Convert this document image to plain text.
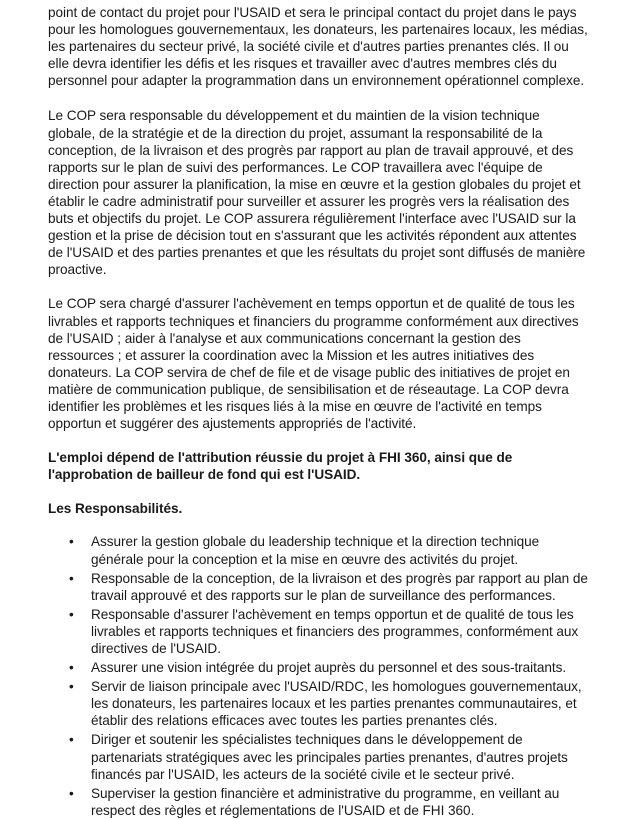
point de contact du projet pour l'USAID et sera le principal contact du projet dans le pays pour les homologues gouvernementaux, les donateurs, les partenaires locaux, les médias, les partenaires du secteur privé, la société civile et d'autres parties prenantes clés. Il ou elle devra identifier les défis et les risques et travailler avec d'autres membres clés du personnel pour adapter la programmation dans un environnement opérationnel complexe.

Le COP sera responsable du développement et du maintien de la vision technique globale, de la stratégie et de la direction du projet, assumant la responsabilité de la conception, de la livraison et des progrès par rapport au plan de travail approuvé, et des rapports sur le plan de suivi des performances. Le COP travaillera avec l'équipe de direction pour assurer la planification, la mise en œuvre et la gestion globales du projet et établir le cadre administratif pour surveiller et assurer les progrès vers la réalisation des buts et objectifs du projet. Le COP assurera régulièrement l'interface avec l'USAID sur la gestion et la prise de décision tout en s'assurant que les activités répondent aux attentes de l'USAID et des parties prenantes et que les résultats du projet sont diffusés de manière proactive.

Le COP sera chargé d'assurer l'achèvement en temps opportun et de qualité de tous les livrables et rapports techniques et financiers du programme conformément aux directives de l'USAID ; aider à l'analyse et aux communications concernant la gestion des ressources ; et assurer la coordination avec la Mission et les autres initiatives des donateurs. La COP servira de chef de file et de visage public des initiatives de projet en matière de communication publique, de sensibilisation et de réseautage. La COP devra identifier les problèmes et les risques liés à la mise en œuvre de l'activité en temps opportun et suggérer des ajustements appropriés de l'activité.

L'emploi dépend de l'attribution réussie du projet à FHI 360, ainsi que de l'approbation de bailleur de fond qui est l'USAID.

Les Responsabilités.

• Assurer la gestion globale du leadership technique et la direction technique générale pour la conception et la mise en œuvre des activités du projet.
• Responsable de la conception, de la livraison et des progrès par rapport au plan de travail approuvé et des rapports sur le plan de surveillance des performances.
• Responsable d'assurer l'achèvement en temps opportun et de qualité de tous les livrables et rapports techniques et financiers des programmes, conformément aux directives de l'USAID.
• Assurer une vision intégrée du projet auprès du personnel et des sous-traitants.
• Servir de liaison principale avec l'USAID/RDC, les homologues gouvernementaux, les donateurs, les partenaires locaux et les parties prenantes communautaires, et établir des relations efficaces avec toutes les parties prenantes clés.
• Diriger et soutenir les spécialistes techniques dans le développement de partenariats stratégiques avec les principales parties prenantes, d'autres projets financés par l'USAID, les acteurs de la société civile et le secteur privé.
• Superviser la gestion financière et administrative du programme, en veillant au respect des règles et réglementations de l'USAID et de FHI 360.
